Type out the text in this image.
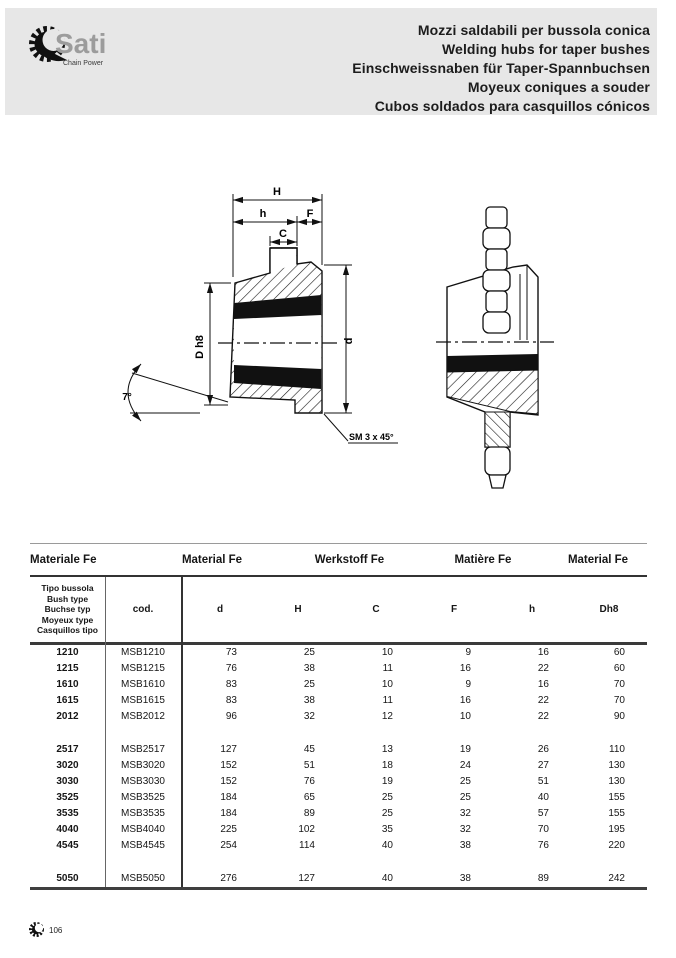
Sati
Chain Power
Mozzi saldabili per bussola conica
Welding hubs for taper bushes
Einschweissnaben für Taper-Spannbuchsen
Moyeux coniques a souder
Cubos soldados para casquillos cónicos
H
h	F
C
D h8	d
7°
SM 3 x 45°
Materiale Fe	Material Fe	Werkstoff Fe	Matière Fe	Material Fe
Tipo bussola
Bush type
Buchse typ
Moyeux type
Casquillos tipo
cod.	d	H	C	F	h	Dh8
1210	MSB1210	73	25	10	9	16	60
1215	MSB1215	76	38	11	16	22	60
1610	MSB1610	83	25	10	9	16	70
1615	MSB1615	83	38	11	16	22	70
2012	MSB2012	96	32	12	10	22	90
2517	MSB2517	127	45	13	19	26	110
3020	MSB3020	152	51	18	24	27	130
3030	MSB3030	152	76	19	25	51	130
3525	MSB3525	184	65	25	25	40	155
3535	MSB3535	184	89	25	32	57	155
4040	MSB4040	225	102	35	32	70	195
4545	MSB4545	254	114	40	38	76	220
5050	MSB5050	276	127	40	38	89	242
106
